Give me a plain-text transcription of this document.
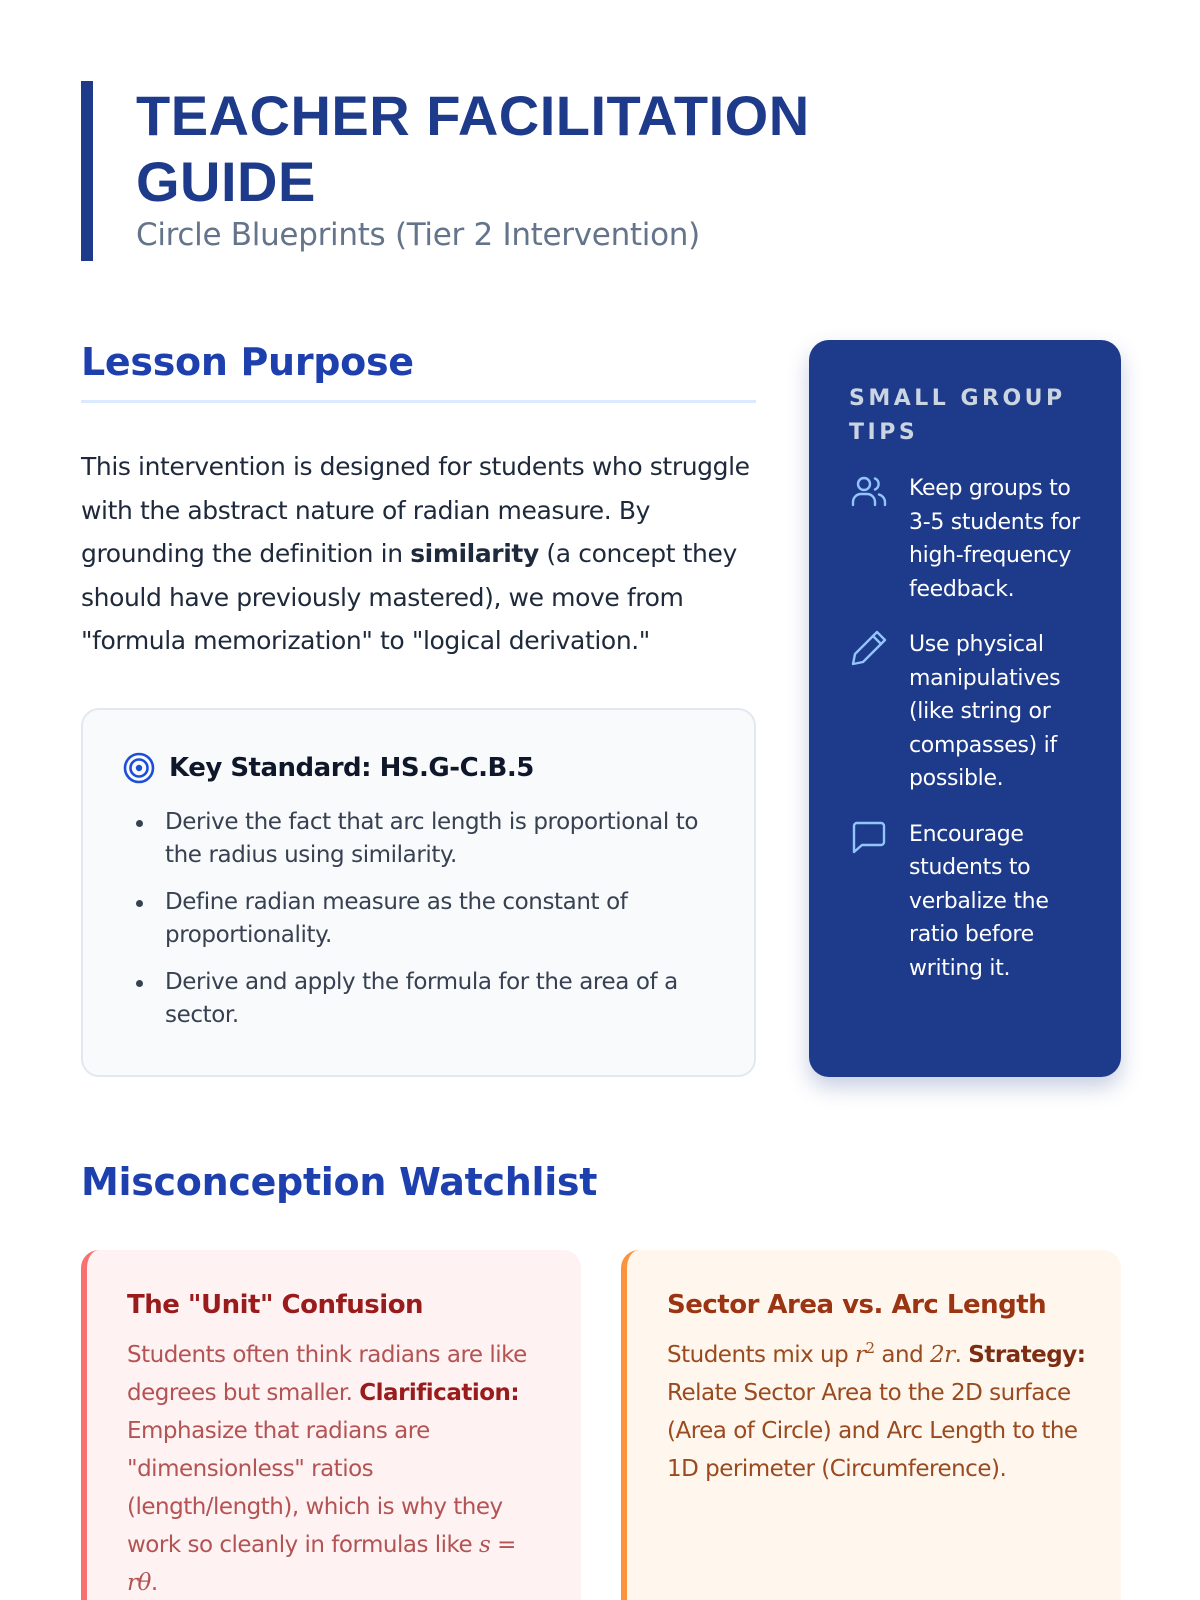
TEACHER FACILITATION
GUIDE
Circle Blueprints (Tier 2 Intervention)
Lesson Purpose

This intervention is designed for students who struggle with the abstract nature of radian measure. By grounding the definition in similarity (a concept they should have previously mastered), we move from "formula memorization" to "logical derivation."

Key Standard: HS.G-C.B.5
Derive the fact that arc length is proportional to the radius using similarity.
Define radian measure as the constant of proportionality.
Derive and apply the formula for the area of a sector.
SMALL GROUP TIPS
Keep groups to 3-5 students for high-frequency feedback.
Use physical manipulatives (like string or compasses) if possible.
Encourage students to verbalize the ratio before writing it.
Misconception Watchlist
The "Unit" Confusion

Students often think radians are like degrees but smaller. Clarification: Emphasize that radians are "dimensionless" ratios (length/length), which is why they work so cleanly in formulas like s = rθ.

Sector Area vs. Arc Length

Students mix up $r^2$ and 2r. Strategy: Relate Sector Area to the 2D surface (Area of Circle) and Arc Length to the 1D perimeter (Circumference).
